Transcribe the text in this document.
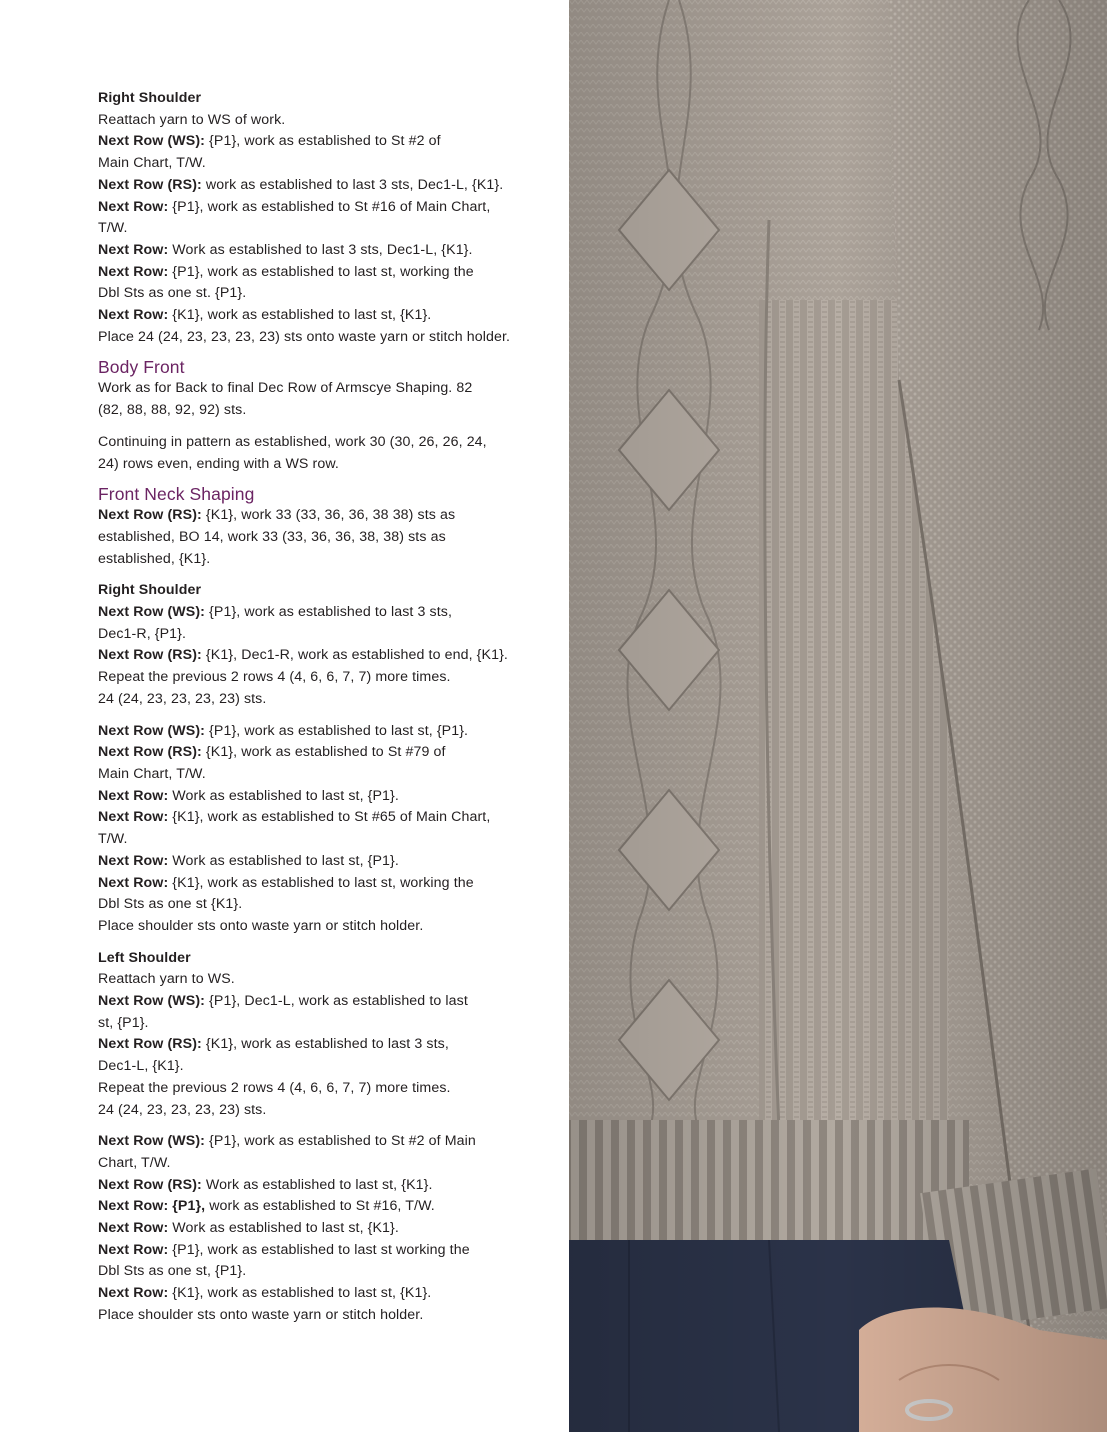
Right Shoulder

Reattach yarn to WS of work.
Next Row (WS): {P1}, work as established to St #2 of
Main Chart, T/W.
Next Row (RS): work as established to last 3 sts, Dec1-L, {K1}.
Next Row: {P1}, work as established to St #16 of Main Chart,
T/W.
Next Row: Work as established to last 3 sts, Dec1-L, {K1}.
Next Row: {P1}, work as established to last st, working the
Dbl Sts as one st. {P1}.
Next Row: {K1}, work as established to last st, {K1}.
Place 24 (24, 23, 23, 23, 23) sts onto waste yarn or stitch holder.

Body Front

Work as for Back to final Dec Row of Armscye Shaping. 82
(82, 88, 88, 92, 92) sts.
Continuing in pattern as established, work 30 (30, 26, 26, 24,
24) rows even, ending with a WS row.

Front Neck Shaping

Next Row (RS): {K1}, work 33 (33, 36, 36, 38 38) sts as
established, BO 14, work 33 (33, 36, 36, 38, 38) sts as
established, {K1}.

Right Shoulder

Next Row (WS): {P1}, work as established to last 3 sts,
Dec1-R, {P1}.
Next Row (RS): {K1}, Dec1-R, work as established to end, {K1}.
Repeat the previous 2 rows 4 (4, 6, 6, 7, 7) more times.
24 (24, 23, 23, 23, 23) sts.
Next Row (WS): {P1}, work as established to last st, {P1}.
Next Row (RS): {K1}, work as established to St #79 of
Main Chart, T/W.
Next Row: Work as established to last st, {P1}.
Next Row: {K1}, work as established to St #65 of Main Chart,
T/W.
Next Row: Work as established to last st, {P1}.
Next Row: {K1}, work as established to last st, working the
Dbl Sts as one st {K1}.
Place shoulder sts onto waste yarn or stitch holder.

Left Shoulder

Reattach yarn to WS.
Next Row (WS): {P1}, Dec1-L, work as established to last
st, {P1}.
Next Row (RS): {K1}, work as established to last 3 sts,
Dec1-L, {K1}.
Repeat the previous 2 rows 4 (4, 6, 6, 7, 7) more times.
24 (24, 23, 23, 23, 23) sts.
Next Row (WS): {P1}, work as established to St #2 of Main
Chart, T/W.
Next Row (RS): Work as established to last st, {K1}.
Next Row: {P1}, work as established to St #16, T/W.
Next Row: Work as established to last st, {K1}.
Next Row: {P1}, work as established to last st working the
Dbl Sts as one st, {P1}.
Next Row: {K1}, work as established to last st, {K1}.
Place shoulder sts onto waste yarn or stitch holder.
